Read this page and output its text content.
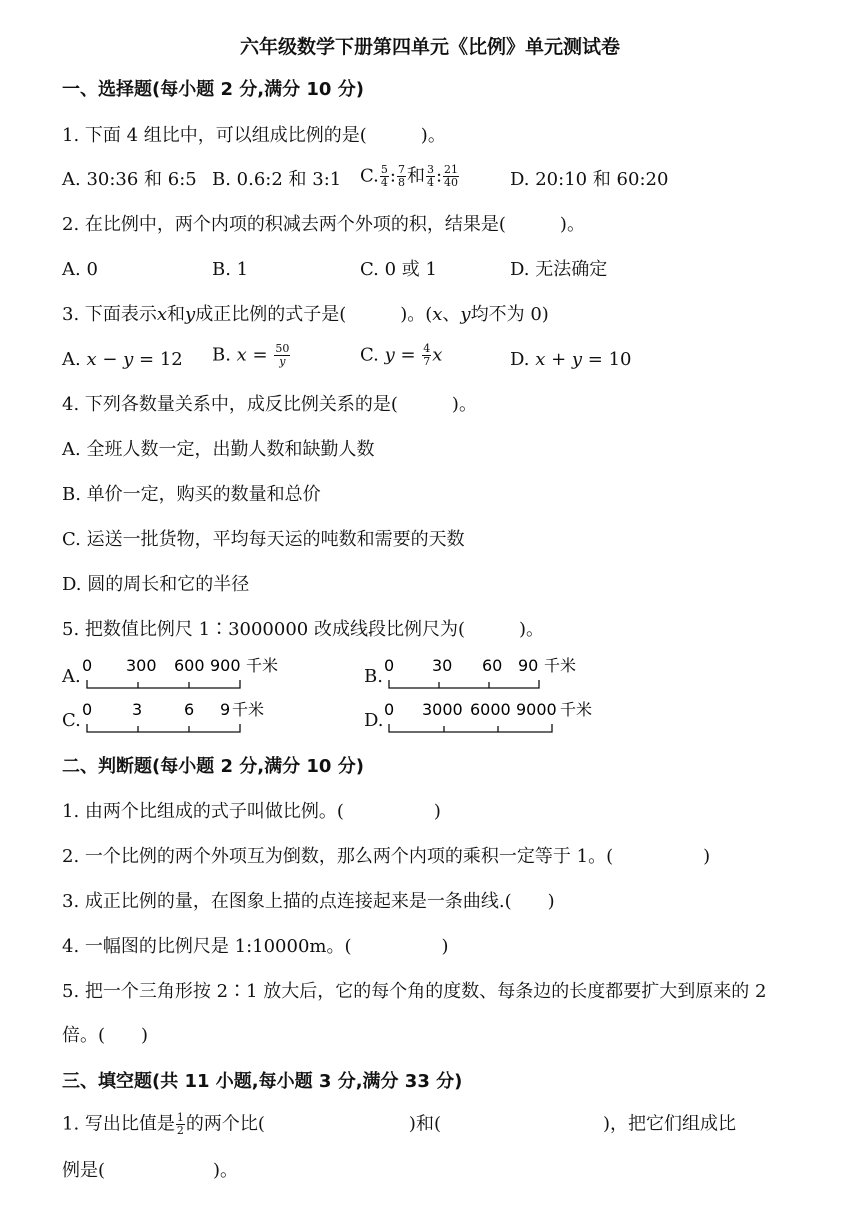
六年级数学下册第四单元《比例》单元测试卷
一、选择题(每小题 2 分,满分 10 分)
1. 下面 4 组比中，可以组成比例的是(　　　)。
A. 30:36 和 6:5 B. 0.6:2 和 3:1 C. $\frac{5}{4}$ : $\frac{7}{8}$ 和 $\frac{3}{4}$ : $\frac{21}{40}$	D. 20:10 和 60:20
2. 在比例中，两个内项的积减去两个外项的积，结果是(　　　)。
A. 0	B. 1	C. 0 或 1	D. 无法确定
3. 下面表示𝑥和𝑦成正比例的式子是(　　　)。(𝑥、𝑦均不为 0)
A. 𝑥 − 𝑦 = 12 B. 𝑥 = $\frac{50}{\text{𝑦}}$	C. 𝑦 = $\frac{4}{7}$ 𝑥	D. 𝑥 + 𝑦 = 10
4. 下列各数量关系中，成反比例关系的是(　　　)。
A. 全班人数一定，出勤人数和缺勤人数
B. 单价一定，购买的数量和总价
C. 运送一批货物，平均每天运的吨数和需要的天数
D. 圆的周长和它的半径
5. 把数值比例尺 1∶3000000 改成线段比例尺为(　　　)。
A.
0 300 600 900 千米
B.
0 30 60 90 千米
C.
0 3	6 9 千米
D.
0 3000 6000 9000 千米
二、判断题(每小题 2 分,满分 10 分)
1. 由两个比组成的式子叫做比例。(　　　　　)
2. 一个比例的两个外项互为倒数，那么两个内项的乘积一定等于 1。(　　　　　)
3. 成正比例的量，在图象上描的点连接起来是一条曲线.(　　)
4. 一幅图的比例尺是 1:10000m。(　　　　　)
5. 把一个三角形按 2∶1 放大后，它的每个角的度数、每条边的长度都要扩大到原来的 2
倍。(　　)
三、填空题(共 11 小题,每小题 3 分,满分 33 分)
1. 写出比值是 $\frac{1}{2}$ 的两个比(　　　　　　　　)和(　　　　　　　　　)，把它们组成比
例是(　　　　　　)。
